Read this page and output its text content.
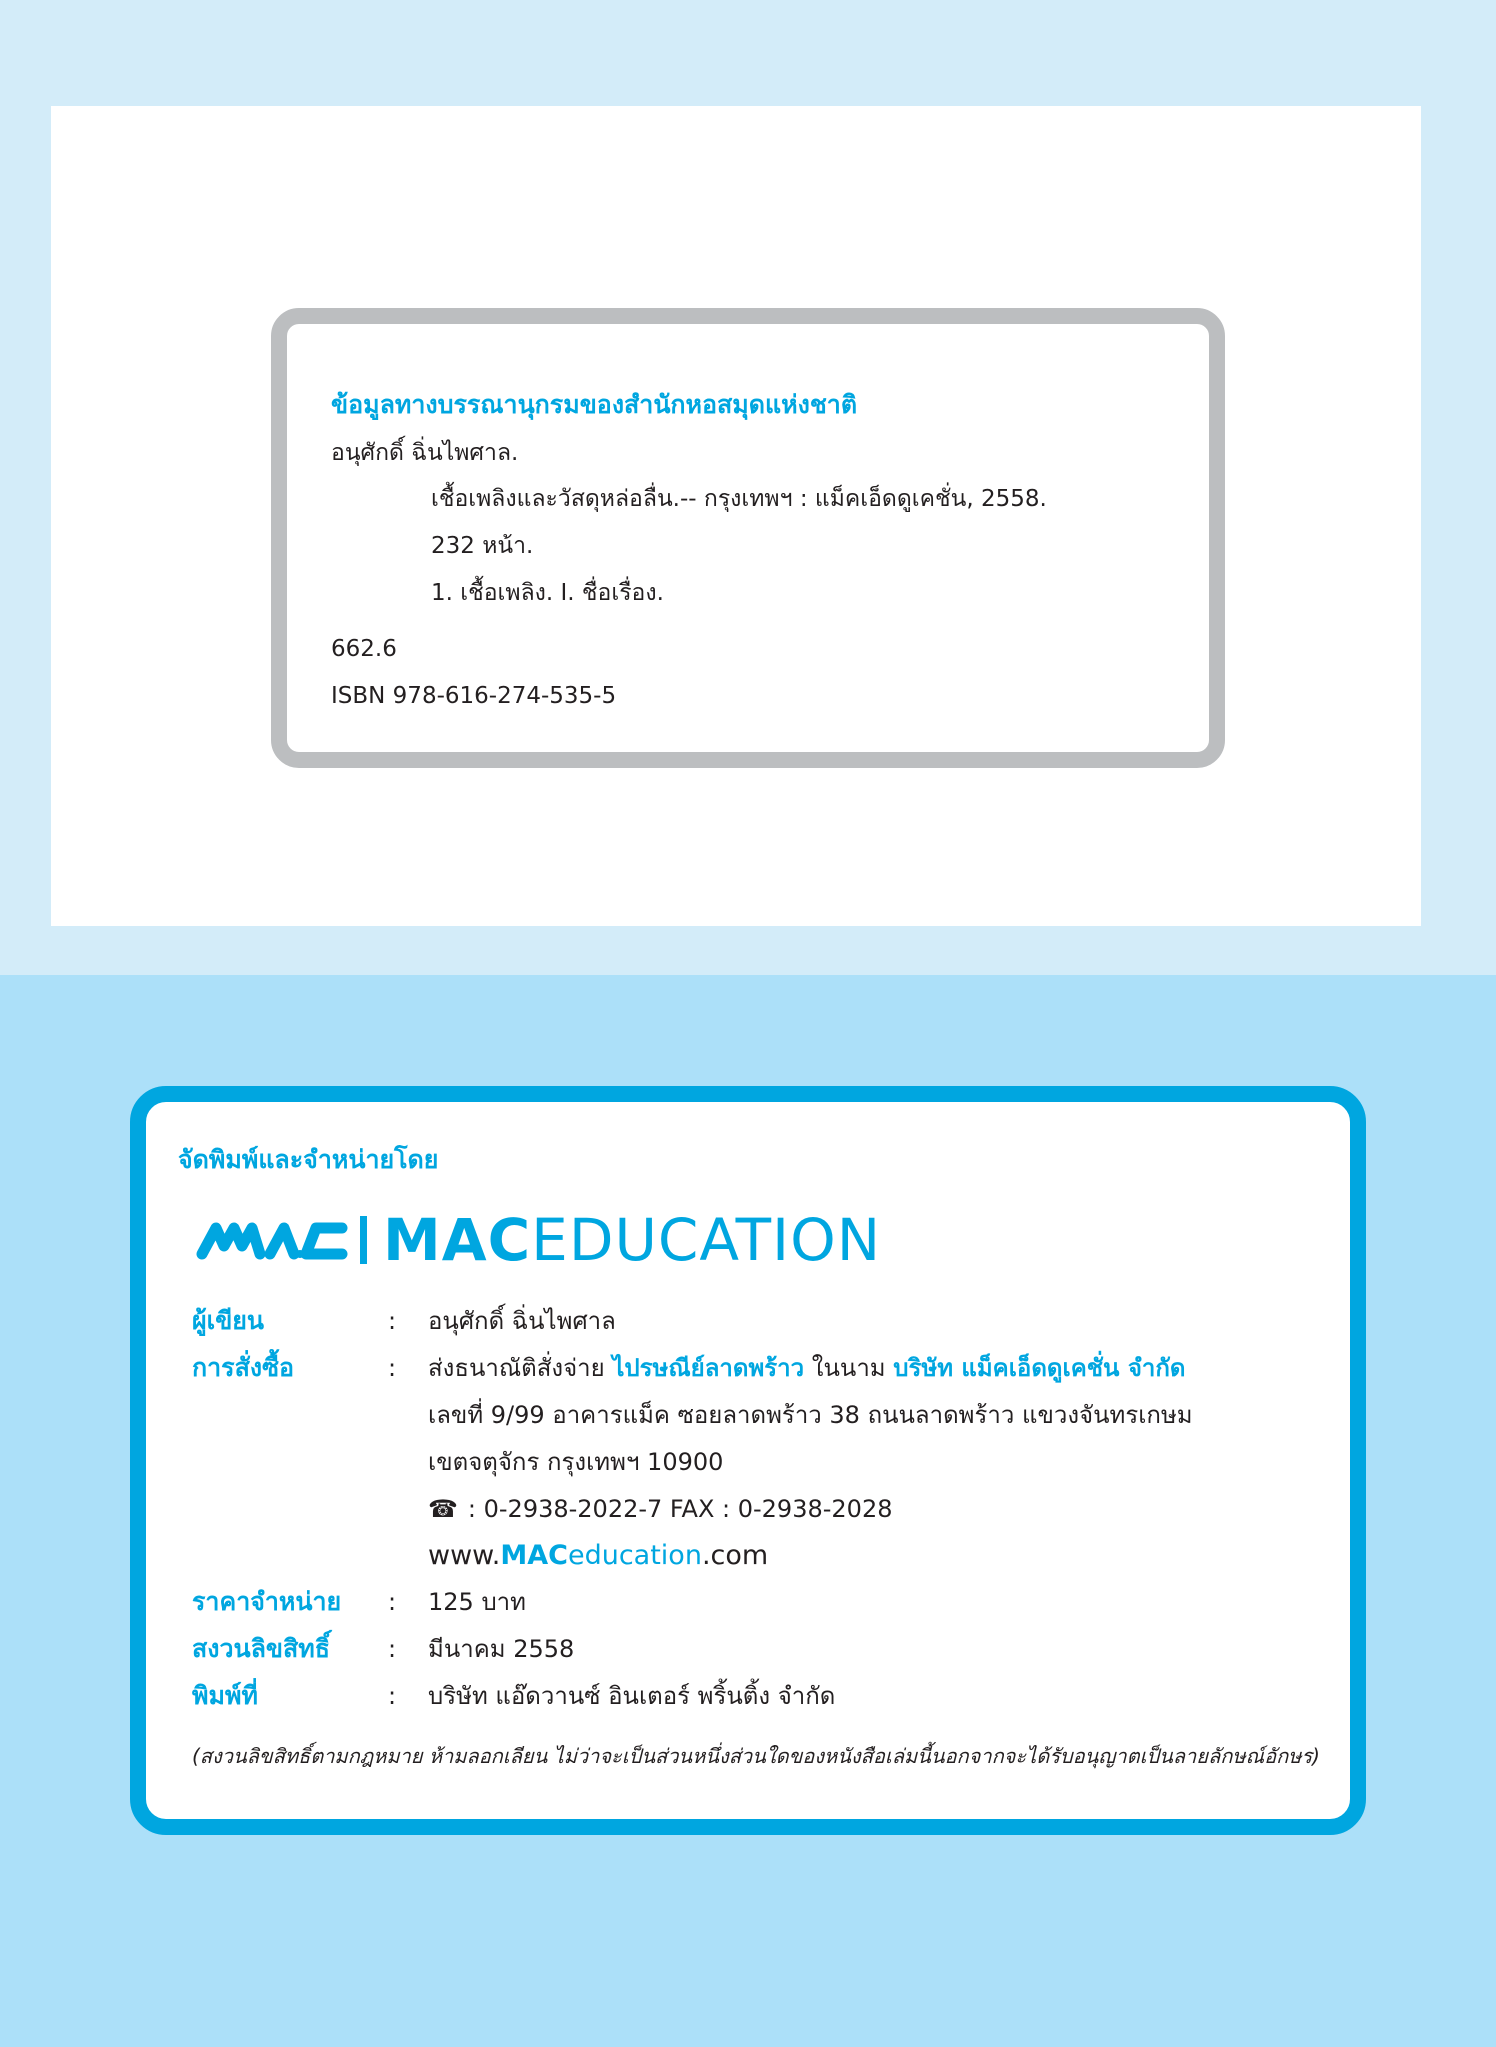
ข้อมูลทางบรรณานุกรมของสำนักหอสมุดแห่งชาติ
อนุศักดิ์ ฉิ่นไพศาล.
เชื้อเพลิงและวัสดุหล่อลื่น.-- กรุงเทพฯ : แม็คเอ็ดดูเคชั่น, 2558.
232 หน้า.
1. เชื้อเพลิง. I. ชื่อเรื่อง.
662.6
ISBN 978-616-274-535-5
จัดพิมพ์และจำหน่ายโดย
MACEDUCATION
ผู้เขียน	: อนุศักดิ์ ฉิ่นไพศาล
การสั่งซื้อ	: ส่งธนาณัติสั่งจ่าย ไปรษณีย์ลาดพร้าว ในนาม บริษัท แม็คเอ็ดดูเคชั่น จำกัด
เลขที่ 9/99 อาคารแม็ค ซอยลาดพร้าว 38 ถนนลาดพร้าว แขวงจันทรเกษม
เขตจตุจักร กรุงเทพฯ 10900
☎ : 0-2938-2022-7 FAX : 0-2938-2028
www.MACeducation.com
ราคาจำหน่าย : 125 บาท
สงวนลิขสิทธิ์ : มีนาคม 2558
พิมพ์ที่	: บริษัท แอ๊ดวานซ์ อินเตอร์ พริ้นติ้ง จำกัด
(สงวนลิขสิทธิ์ตามกฎหมาย ห้ามลอกเลียน ไม่ว่าจะเป็นส่วนหนึ่งส่วนใดของหนังสือเล่มนี้นอกจากจะได้รับอนุญาตเป็นลายลักษณ์อักษร)
